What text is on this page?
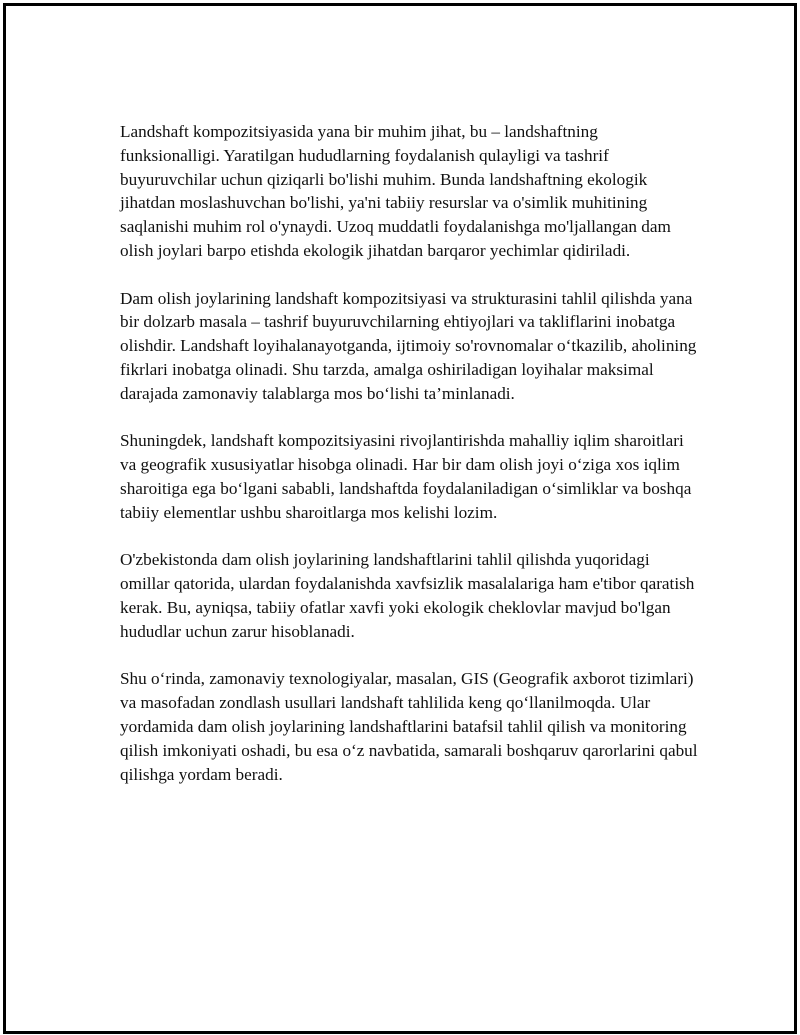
Landshaft kompozitsiyasida yana bir muhim jihat, bu – landshaftning funksionalligi. Yaratilgan hududlarning foydalanish qulayligi va tashrif buyuruvchilar uchun qiziqarli bo'lishi muhim. Bunda landshaftning ekologik jihatdan moslashuvchan bo'lishi, ya'ni tabiiy resurslar va o'simlik muhitining saqlanishi muhim rol o'ynaydi. Uzoq muddatli foydalanishga mo'ljallangan dam olish joylari barpo etishda ekologik jihatdan barqaror yechimlar qidiriladi.

Dam olish joylarining landshaft kompozitsiyasi va strukturasini tahlil qilishda yana bir dolzarb masala – tashrif buyuruvchilarning ehtiyojlari va takliflarini inobatga olishdir. Landshaft loyihalanayotganda, ijtimoiy so'rovnomalar o‘tkazilib, aholining fikrlari inobatga olinadi. Shu tarzda, amalga oshiriladigan loyihalar maksimal darajada zamonaviy talablarga mos bo‘lishi ta’minlanadi.

Shuningdek, landshaft kompozitsiyasini rivojlantirishda mahalliy iqlim sharoitlari va geografik xususiyatlar hisobga olinadi. Har bir dam olish joyi o‘ziga xos iqlim sharoitiga ega bo‘lgani sababli, landshaftda foydalaniladigan o‘simliklar va boshqa tabiiy elementlar ushbu sharoitlarga mos kelishi lozim.

O'zbekistonda dam olish joylarining landshaftlarini tahlil qilishda yuqoridagi omillar qatorida, ulardan foydalanishda xavfsizlik masalalariga ham e'tibor qaratish kerak. Bu, ayniqsa, tabiiy ofatlar xavfi yoki ekologik cheklovlar mavjud bo'lgan hududlar uchun zarur hisoblanadi.

Shu o‘rinda, zamonaviy texnologiyalar, masalan, GIS (Geografik axborot tizimlari) va masofadan zondlash usullari landshaft tahlilida keng qo‘llanilmoqda. Ular yordamida dam olish joylarining landshaftlarini batafsil tahlil qilish va monitoring qilish imkoniyati oshadi, bu esa o‘z navbatida, samarali boshqaruv qarorlarini qabul qilishga yordam beradi.
